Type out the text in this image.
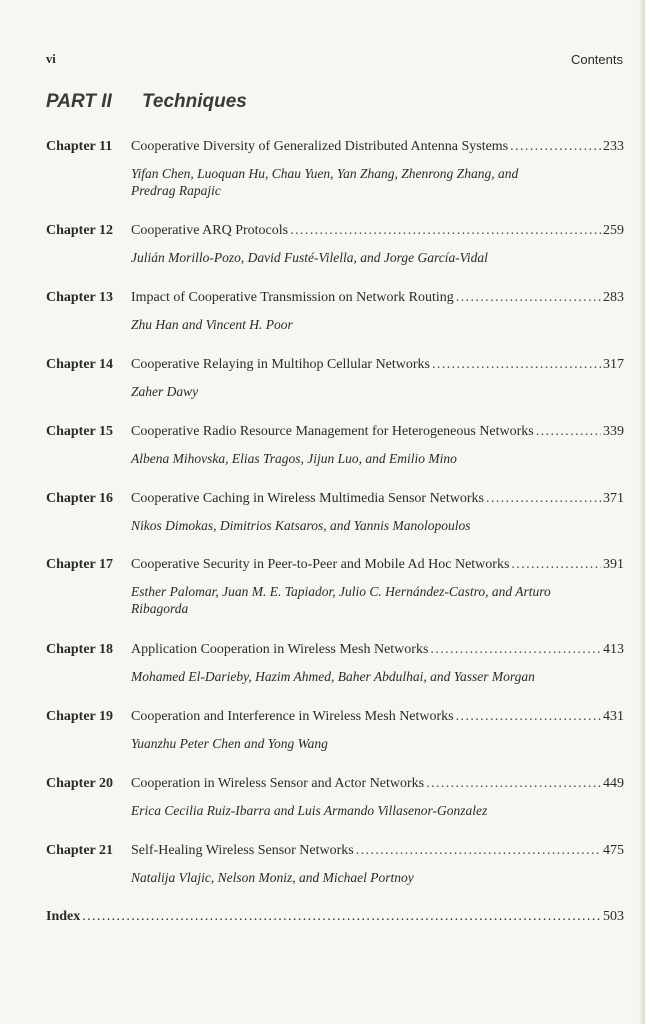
vi	Contents
PART II Techniques
Chapter 11 Cooperative Diversity of Generalized Distributed Antenna Systems .....	233
Yifan Chen, Luoquan Hu, Chau Yuen, Yan Zhang, Zhenrong Zhang, and Predrag Rapajic
Chapter 12 Cooperative ARQ Protocols .....	259
Julián Morillo-Pozo, David Fusté-Vilella, and Jorge García-Vidal
Chapter 13 Impact of Cooperative Transmission on Network Routing .....	283
Zhu Han and Vincent H. Poor
Chapter 14 Cooperative Relaying in Multihop Cellular Networks .....	317
Zaher Dawy
Chapter 15 Cooperative Radio Resource Management for Heterogeneous Networks .....	339
Albena Mihovska, Elias Tragos, Jijun Luo, and Emilio Mino
Chapter 16 Cooperative Caching in Wireless Multimedia Sensor Networks .....	371
Nikos Dimokas, Dimitrios Katsaros, and Yannis Manolopoulos
Chapter 17 Cooperative Security in Peer-to-Peer and Mobile Ad Hoc Networks .....	391
Esther Palomar, Juan M. E. Tapiador, Julio C. Hernández-Castro, and Arturo Ribagorda
Chapter 18 Application Cooperation in Wireless Mesh Networks .....	413
Mohamed El-Darieby, Hazim Ahmed, Baher Abdulhai, and Yasser Morgan
Chapter 19 Cooperation and Interference in Wireless Mesh Networks .....	431
Yuanzhu Peter Chen and Yong Wang
Chapter 20 Cooperation in Wireless Sensor and Actor Networks .....	449
Erica Cecilia Ruiz-Ibarra and Luis Armando Villasenor-Gonzalez
Chapter 21 Self-Healing Wireless Sensor Networks .....	475
Natalija Vlajic, Nelson Moniz, and Michael Portnoy
Index .....	503
